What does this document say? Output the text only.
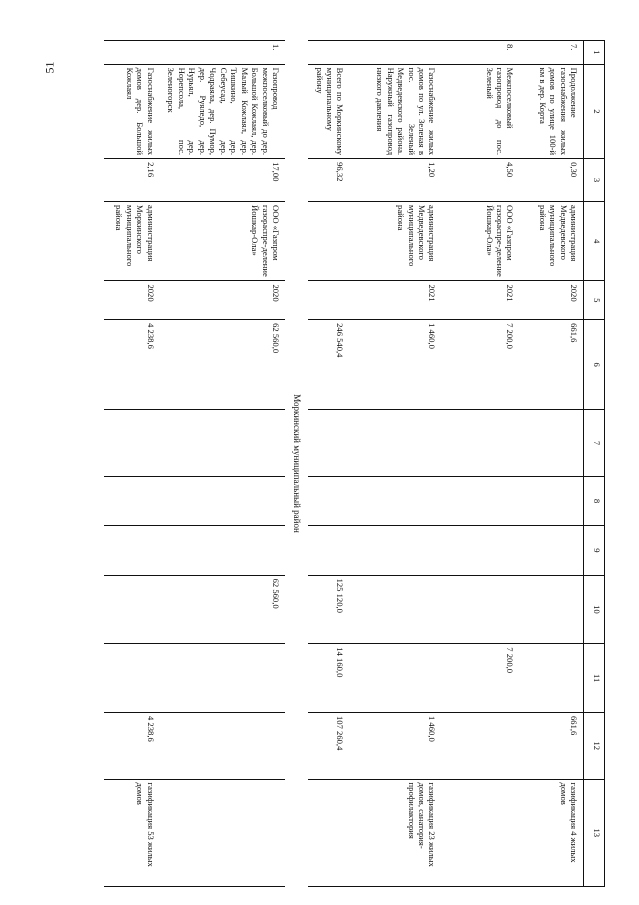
51
1	2	3	4	5	6	7	8	9	10	11	12	13
7.	Продолжение газоснабжения жилых домов по улице 100-й км в дер. Корта	0,30	администрация Медведевского муниципального района	2020	661,6						661,6	газификация 4 жилых домов
8.	Межпоселковый газопровод до пос. Зеленый	4,50	ООО «Газпром газораспре-деление Йошкар-Ола»	2021	7 200,0					7 200,0		
	Газоснабжение жилых домов по ул. Зеленая в пос. Зеленый Медведевского района. Наружный газопровод низкого давления	1,20	администрация Медведевского муниципального района	2021	1 460,0						1 460,0	газификация 23 жилых домов, санатория-профилактория
	Всего по Моркинскому муниципальному району	96,32			246 540,4				125 120,0	14 160,0	107 260,4	
Моркинский муниципальный район												
1.	Газопровод межпоселковый до дер. Большой Кожлаял, дер. Малый Кожлаял, дер. Тишкино, дер. Себеусад, дер. Чодраяла, дер. Пумор, дер. Руяледо, дер. Нурьял, дер. Норепсола, пос. Зеленогорск	17,00	ООО «Газпром газораспре-деление Йошкар-Ола»	2020	62 560,0				62 560,0			
	Газоснабжение жилых домов дер. Большой Кожлаял	2,16	администрация Моркинского муниципального района	2020	4 238,6						4 238,6	газификация 53 жилых домов
